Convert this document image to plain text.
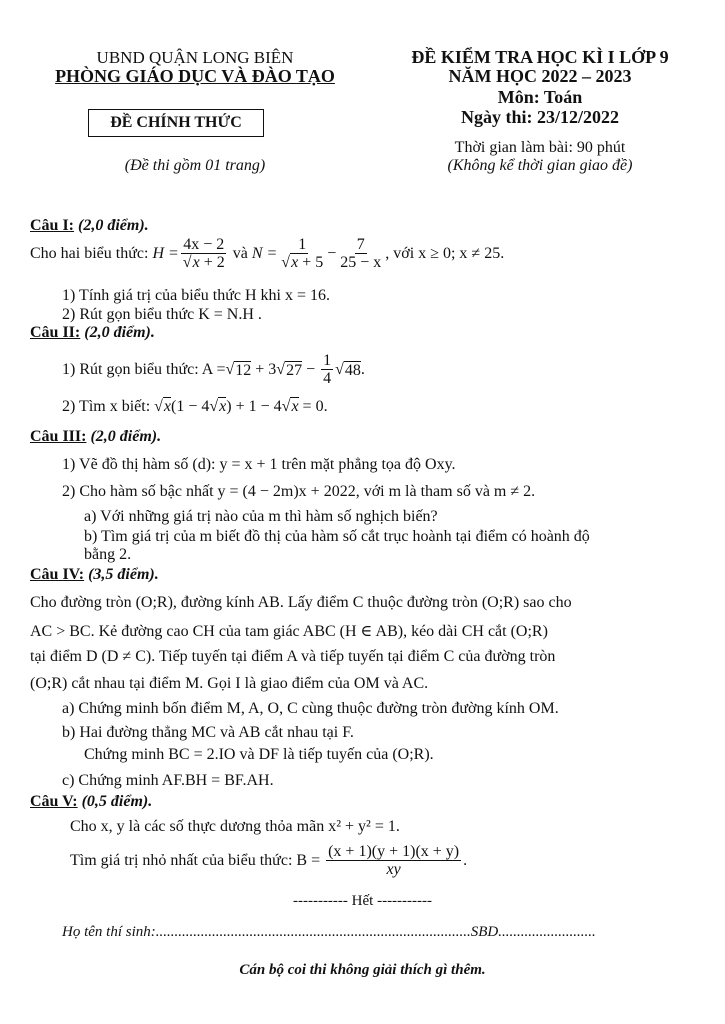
UBND QUẬN LONG BIÊN
PHÒNG GIÁO DỤC VÀ ĐÀO TẠO
ĐỀ CHÍNH THỨC
(Đề thi gồm 01 trang)
ĐỀ KIỂM TRA HỌC KÌ I LỚP 9
NĂM HỌC 2022 – 2023
Môn: Toán
Ngày thi: 23/12/2022
Thời gian làm bài: 90 phút
(Không kể thời gian giao đề)
Câu I: (2,0 điểm).
Cho hai biểu thức:
$H = \frac{4x - 2}{√x + 2}$
và
$N = \frac{1}{√x + 5} - \frac{7}{25 - x}$ , với x ≥ 0; x ≠ 25.
1) Tính giá trị của biểu thức H khi x = 16.
2) Rút gọn biểu thức K = N.H .
Câu II: (2,0 điểm).
1) Rút gọn biểu thức: A = √ 12 + 3 √ $27 - \frac{1}{4}$ √ 48 .
2) Tìm x biết: √x(1 − 4√x) + 1 − 4√x = 0.
Câu III: (2,0 điểm).
1) Vẽ đồ thị hàm số (d): y = x + 1 trên mặt phẳng tọa độ Oxy.
2) Cho hàm số bậc nhất y = (4 − 2m)x + 2022, với m là tham số và m ≠ 2.
a) Với những giá trị nào của m thì hàm số nghịch biến?
b) Tìm giá trị của m biết đồ thị của hàm số cắt trục hoành tại điểm có hoành độ
bằng 2.
Câu IV: (3,5 điểm).
Cho đường tròn (O;R), đường kính AB. Lấy điểm C thuộc đường tròn (O;R) sao cho
AC > BC. Kẻ đường cao CH của tam giác ABC (H ∈ AB), kéo dài CH cắt (O;R)
tại điểm D (D ≠ C). Tiếp tuyến tại điểm A và tiếp tuyến tại điểm C của đường tròn
(O;R) cắt nhau tại điểm M. Gọi I là giao điểm của OM và AC.
a) Chứng minh bốn điểm M, A, O, C cùng thuộc đường tròn đường kính OM.
b) Hai đường thẳng MC và AB cắt nhau tại F.
Chứng minh BC = 2.IO và DF là tiếp tuyến của (O;R).
c) Chứng minh AF.BH = BF.AH.
Câu V: (0,5 điểm).
Cho x, y là các số thực dương thỏa mãn x² + y² = 1.
Tìm giá trị nhỏ nhất của biểu thức: B =
$\frac{(x + 1)(y + 1)(x + y)}{xy}$ .
----------- Hết -----------
Họ tên thí sinh:....................................................................................SBD..........................
Cán bộ coi thi không giải thích gì thêm.
